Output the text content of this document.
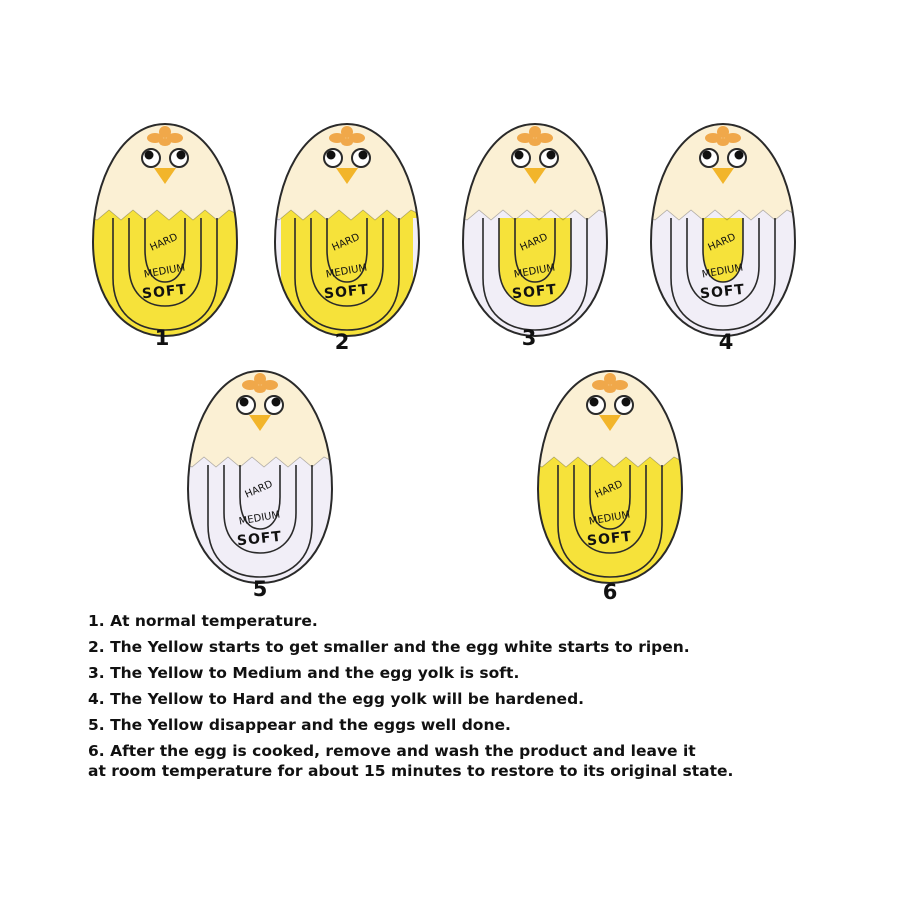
HARD
MEDIUM
SOFT
HARD
MEDIUM
SOFT
HARD
MEDIUM
SOFT
HARD
MEDIUM
SOFT
HARD
MEDIUM
SOFT
HARD
MEDIUM
SOFT
1	2	3	4
5	6

1. At normal temperature.

2. The Yellow starts to get smaller and the egg white starts to ripen.

3. The Yellow to Medium and the egg yolk is soft.

4. The Yellow to Hard and the egg yolk will be hardened.

5. The Yellow disappear and the eggs well done.

6. After the egg is cooked, remove and wash the product and leave it

at room temperature for about 15 minutes to restore to its original state.
